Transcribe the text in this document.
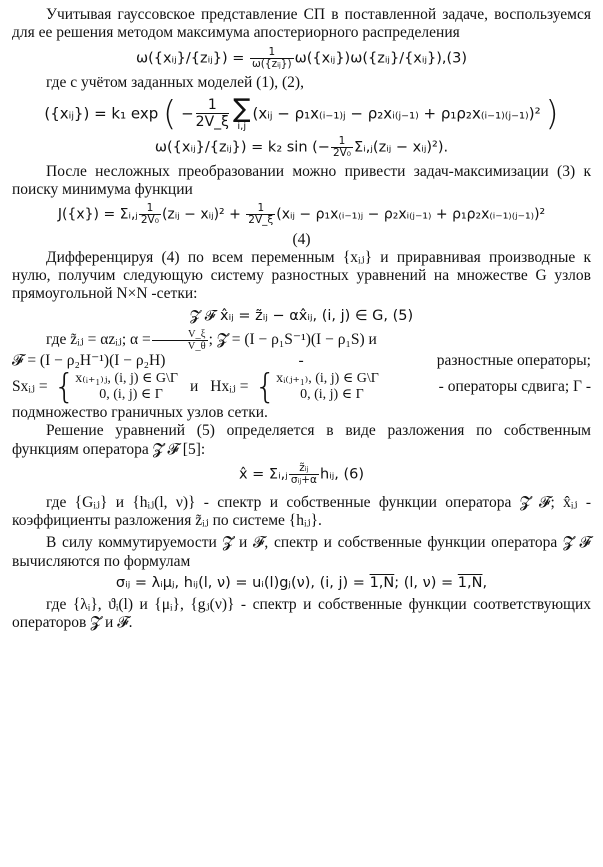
Учитывая гауссовское представление СП в поставленной задаче, воспользуемся для ее решения методом максимума апостериорного распределения

ω({xᵢⱼ}/{zᵢⱼ}) = $\frac{1}{\text{ω(\{zᵢⱼ\})}}$ ω({xᵢⱼ})ω({zᵢⱼ}/{xᵢⱼ}),(3)

где с учётом заданных моделей (1), (2),

({xᵢⱼ}) = k₁ exp ( − $\frac{1}{2V\_\xi}$ ∑
i,j
(xᵢⱼ − ρ₁x₍ᵢ₋₁₎ⱼ − ρ₂xᵢ₍ⱼ₋₁₎ + ρ₁ρ₂x₍ᵢ₋₁₎₍ⱼ₋₁₎)² )
ω({xᵢⱼ}/{zᵢⱼ}) = k₂ sin (− $\frac{1}{\text{2V₀}}$ Σᵢ,ⱼ(zᵢⱼ − xᵢⱼ)²).

После несложных преобразовании можно привести задач-максимизации (3) к поиску минимума функции

J({x}) = Σᵢ,ⱼ $\frac{1}{\text{2V₀}}$ (zᵢⱼ − xᵢⱼ)² + $\frac{1}{2V\_\xi}$ (xᵢⱼ − ρ₁x₍ᵢ₋₁₎ⱼ − ρ₂xᵢ₍ⱼ₋₁₎ + ρ₁ρ₂x₍ᵢ₋₁₎₍ⱼ₋₁₎)²

(4)

Дифференцируя (4) по всем переменным {xᵢⱼ} и приравнивая производные к нулю, получим следующую систему разностных уравнений на множестве G узлов прямоугольной N×N -сетки:

𝓩 𝓕 x̂ᵢⱼ = z̃ᵢⱼ − αx̂ᵢⱼ, (i, j) ∈ G, (5)

где z̃ᵢⱼ = αzᵢⱼ; $\alpha = \frac{V\_\xi}{V\_\theta}$ ; 𝓩 = (I − ρ₁S⁻¹)(I − ρ₁S) и

𝓕 = (I − ρ₂H⁻¹)(I − ρ₂H)	-	разностные операторы;
Sxᵢⱼ = { x₍ᵢ₊₁₎ⱼ, (i, j) ∈ G\Γ
0, (i, j) ∈ Γ	и Hxᵢⱼ = { xᵢ₍ⱼ₊₁₎, (i, j) ∈ G\Γ
0, (i, j) ∈ Γ	- операторы сдвига; Γ -

подмножество граничных узлов сетки.

Решение уравнений (5) определяется в виде разложения по собственным функциям оператора 𝓩 𝓕 [5]:

x̂ = Σᵢ,ⱼ $\frac{\text{z̃ᵢⱼ}}{\text{σᵢⱼ+α}}$ hᵢⱼ, (6)

где {Gᵢⱼ} и {hᵢⱼ(l, ν)} - спектр и собственные функции оператора 𝓩 𝓕; x̂ᵢⱼ - коэффициенты разложения z̃ᵢⱼ по системе {hᵢⱼ}.

В силу коммутируемости 𝓩 и 𝓕, спектр и собственные функции оператора 𝓩 𝓕 вычисляются по формулам

σᵢⱼ = λᵢμⱼ, hᵢⱼ(l, ν) = uᵢ(l)gⱼ(ν), (i, j) = 1,N; (l, ν) = 1,N,

где {λᵢ}, ϑᵢ(l) и {μᵢ}, {gⱼ(ν)} - спектр и собственные функции соответствующих операторов 𝓩 и 𝓕.
